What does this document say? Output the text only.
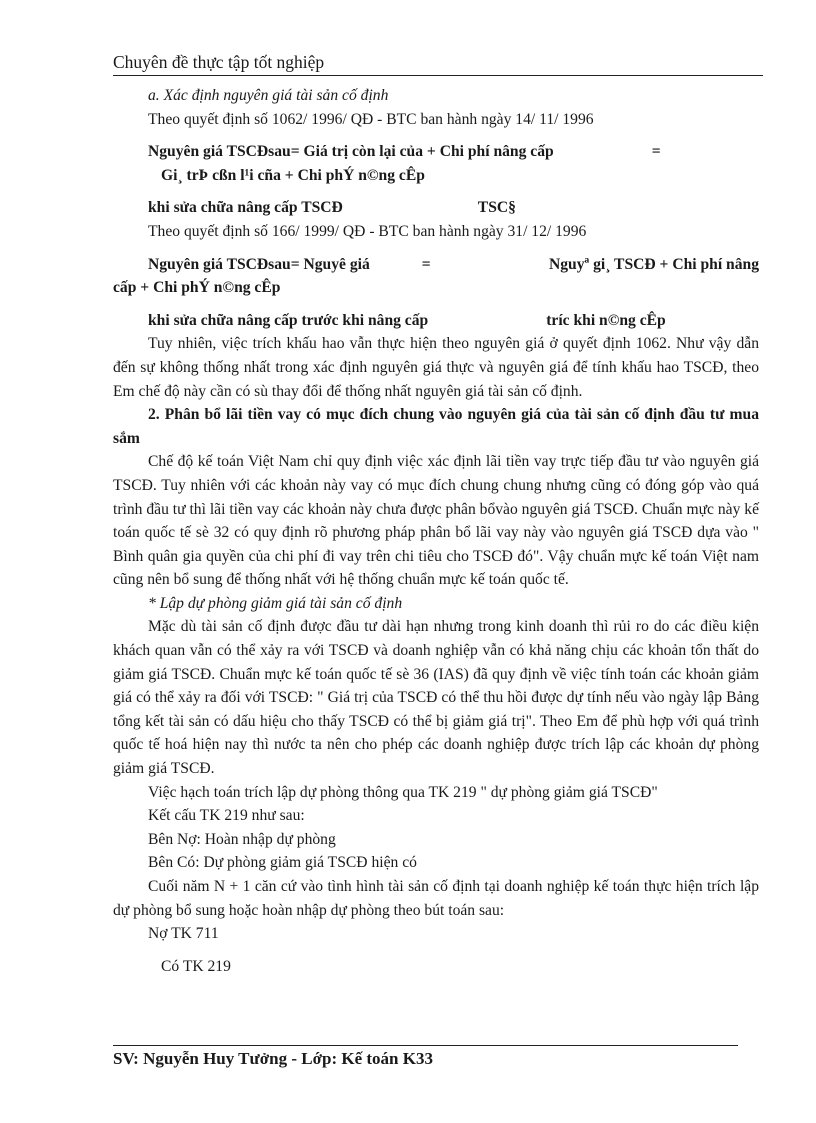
Chuyên đề thực tập tốt nghiệp

a. Xác định nguyên giá tài sản cố định

Theo quyết định số 1062/ 1996/ QĐ - BTC ban hành ngày 14/ 11/ 1996

Nguyên giá TSCĐsau= Giá trị còn lại của + Chi phí nâng cấp	=

Gi¸ trÞ cßn l¹i cña + Chi phÝ n©ng cÊp

khi sửa chữa nâng cấp TSCĐ	TSC§

Theo quyết định số 166/ 1999/ QĐ - BTC ban hành ngày 31/ 12/ 1996

Nguyên giá TSCĐsau= Nguyê giá	=	Nguyª gi¸ TSCĐ + Chi phí nâng

cấp + Chi phÝ n©ng cÊp

khi sửa chữa nâng cấp trước khi nâng cấp	tríc khi n©ng cÊp

Tuy nhiên, việc trích khấu hao vẫn thực hiện theo nguyên giá ở quyết định 1062. Như vậy dẫn đến sự không thống nhất trong xác định nguyên giá thực và nguyên giá để tính khấu hao TSCĐ, theo Em chế độ này cần có sù thay đổi để thống nhất nguyên giá tài sản cố định.

2. Phân bổ lãi tiền vay có mục đích chung vào nguyên giá của tài sản cố định đầu tư mua sắm

Chế độ kế toán Việt Nam chỉ quy định việc xác định lãi tiền vay trực tiếp đầu tư vào nguyên giá TSCĐ. Tuy nhiên với các khoản này vay có mục đích chung chung nhưng cũng có đóng góp vào quá trình đầu tư thì lãi tiền vay các khoản này chưa được phân bổvào nguyên giá TSCĐ. Chuẩn mực này kế toán quốc tế sè 32 có quy định rõ phương pháp phân bổ lãi vay này vào nguyên giá TSCĐ dựa vào " Bình quân gia quyền của chi phí đi vay trên chi tiêu cho TSCĐ đó". Vậy chuẩn mực kế toán Việt nam cũng nên bổ sung để thống nhất với hệ thống chuẩn mực kế toán quốc tế.

* Lập dự phòng giảm giá tài sản cố định

Mặc dù tài sản cố định được đầu tư dài hạn nhưng trong kinh doanh thì rủi ro do các điều kiện khách quan vẫn có thể xảy ra với TSCĐ và doanh nghiệp vẫn có khả năng chịu các khoản tổn thất do giảm giá TSCĐ. Chuẩn mực kế toán quốc tế sè 36 (IAS) đã quy định về việc tính toán các khoản giảm giá có thể xảy ra đối với TSCĐ: " Giá trị của TSCĐ có thể thu hồi được dự tính nếu vào ngày lập Bảng tổng kết tài sản có dấu hiệu cho thấy TSCĐ có thể bị giảm giá trị". Theo Em để phù hợp với quá trình quốc tế hoá hiện nay thì nước ta nên cho phép các doanh nghiệp được trích lập các khoản dự phòng giảm giá TSCĐ.

Việc hạch toán trích lập dự phòng thông qua TK 219 " dự phòng giảm giá TSCĐ"

Kết cấu TK 219 như sau:

Bên Nợ: Hoàn nhập dự phòng

Bên Có: Dự phòng giảm giá TSCĐ hiện có

Cuối năm N + 1 căn cứ vào tình hình tài sản cố định tại doanh nghiệp kế toán thực hiện trích lập dự phòng bổ sung hoặc hoàn nhập dự phòng theo bút toán sau:

Nợ TK 711

Có TK 219

SV: Nguyễn Huy Tưởng - Lớp: Kế toán K33
